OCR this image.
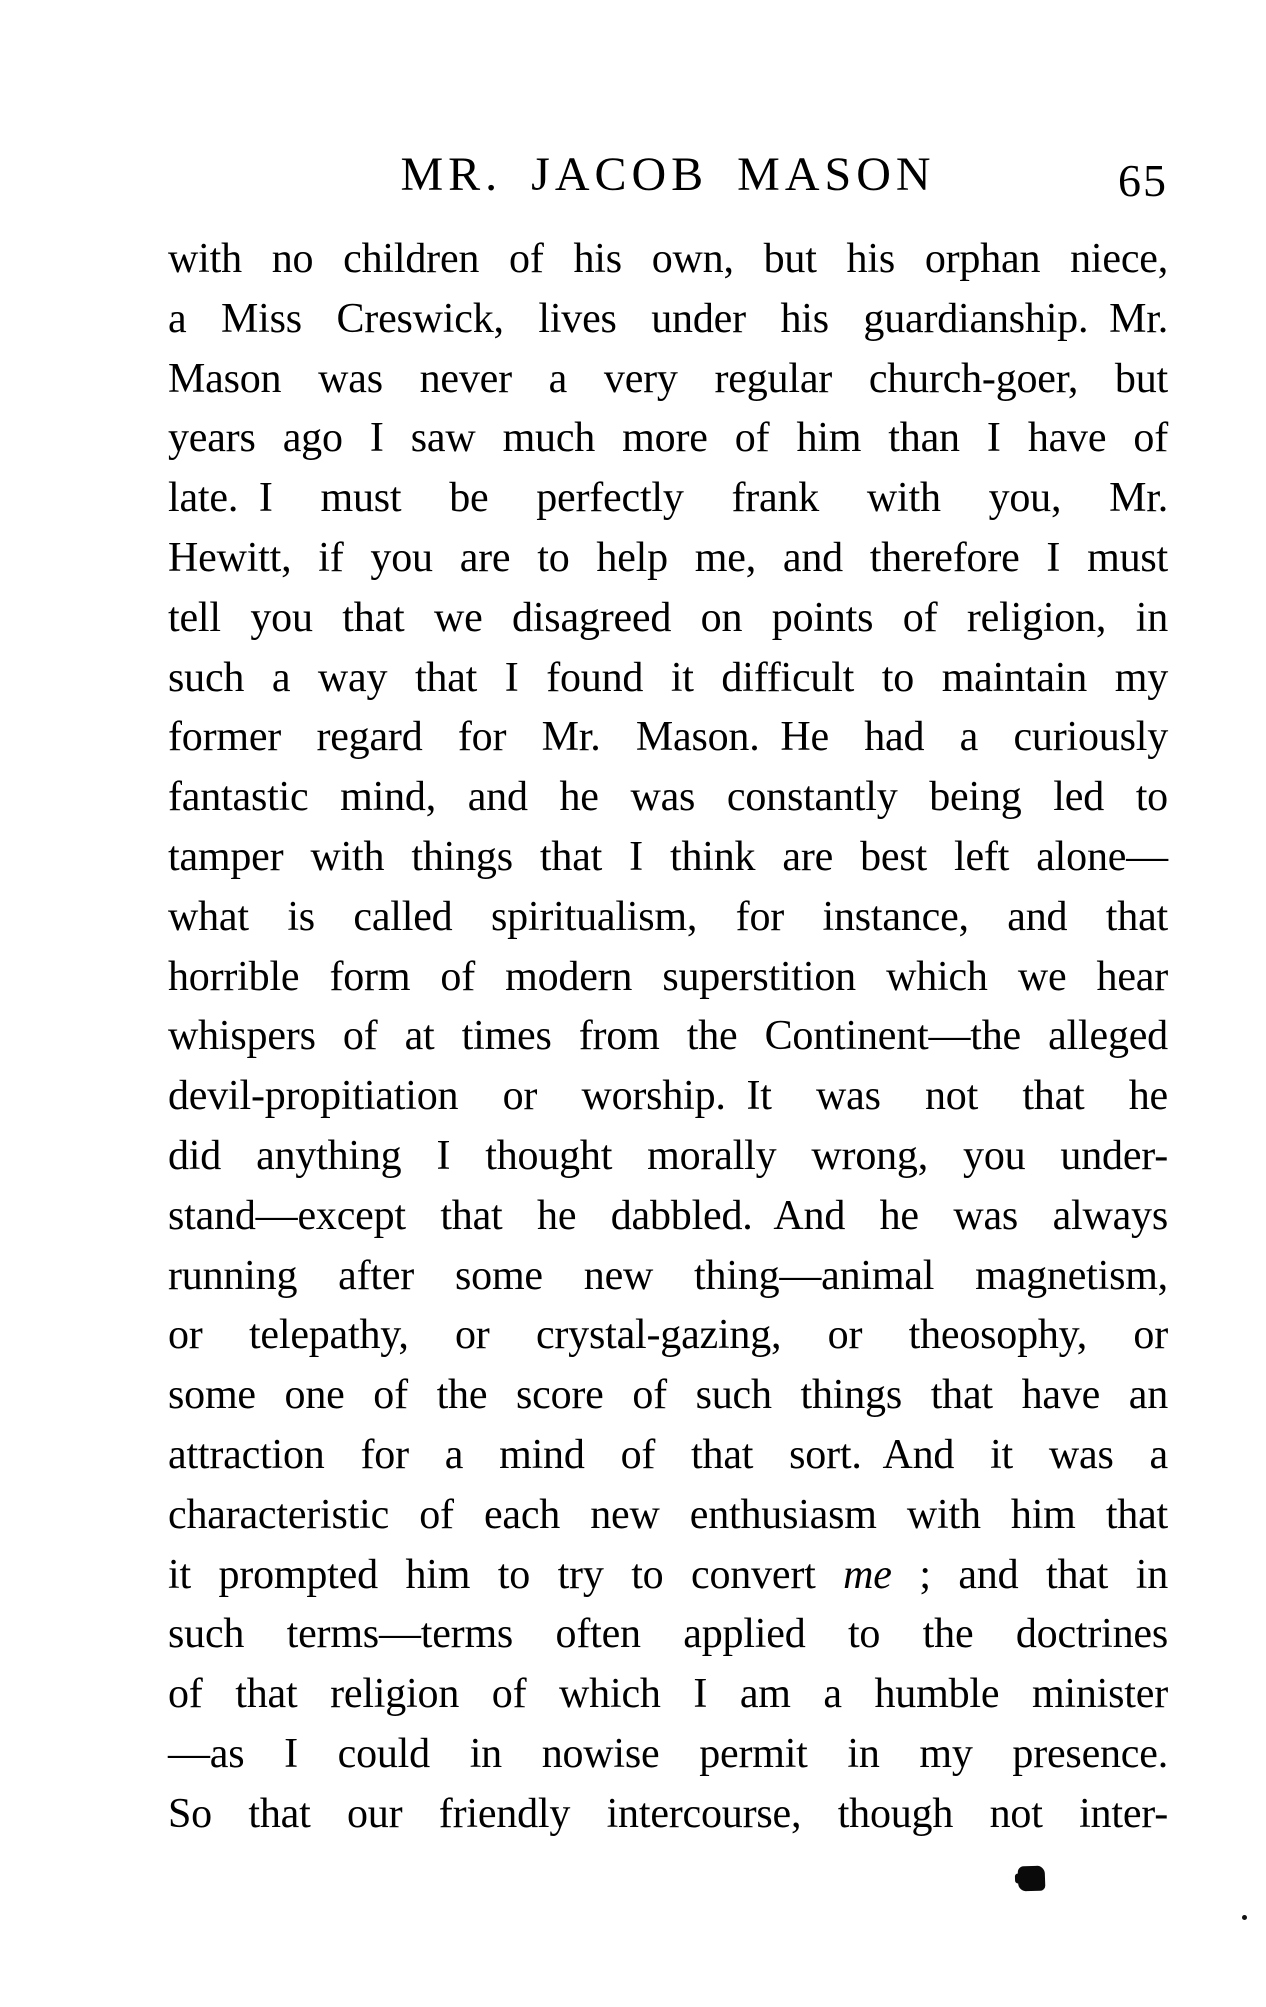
MR. JACOB MASON	65
with no children of his own, but his orphan niece,
a Miss Creswick, lives under his guardianship. Mr.
Mason was never a very regular church-goer, but
years ago I saw much more of him than I have of
late. I must be perfectly frank with you, Mr.
Hewitt, if you are to help me, and therefore I must
tell you that we disagreed on points of religion, in
such a way that I found it difficult to maintain my
former regard for Mr. Mason. He had a curiously
fantastic mind, and he was constantly being led to
tamper with things that I think are best left alone—
what is called spiritualism, for instance, and that
horrible form of modern superstition which we hear
whispers of at times from the Continent—the alleged
devil-propitiation or worship. It was not that he
did anything I thought morally wrong, you under-
stand—except that he dabbled. And he was always
running after some new thing—animal magnetism,
or telepathy, or crystal-gazing, or theosophy, or
some one of the score of such things that have an
attraction for a mind of that sort. And it was a
characteristic of each new enthusiasm with him that
it prompted him to try to convert me ; and that in
such terms—terms often applied to the doctrines
of that religion of which I am a humble minister
—as I could in nowise permit in my presence.
So that our friendly intercourse, though not inter-
